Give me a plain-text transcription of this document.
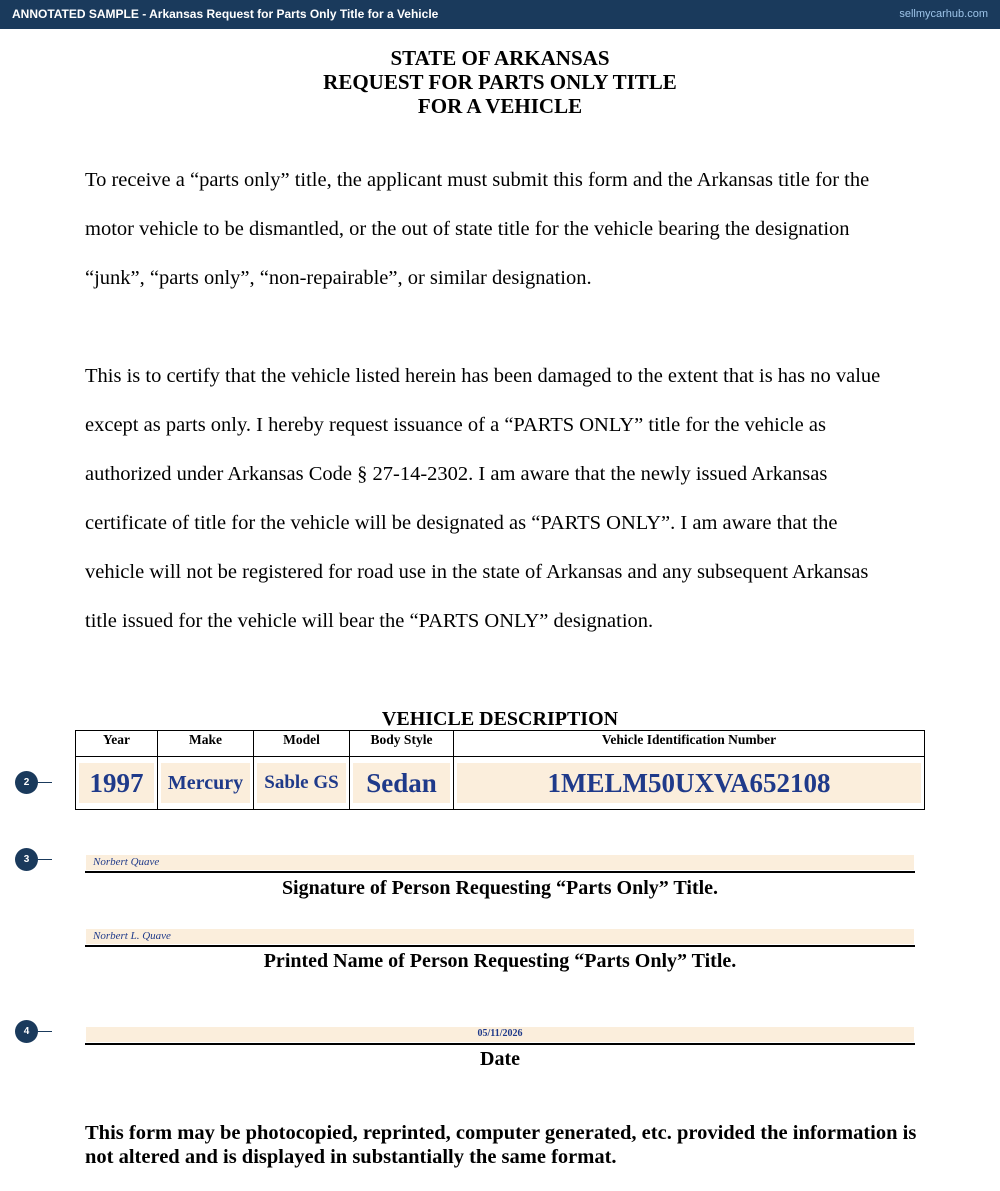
ANNOTATED SAMPLE - Arkansas Request for Parts Only Title for a Vehicle	sellmycarhub.com
STATE OF ARKANSAS
REQUEST FOR PARTS ONLY TITLE
FOR A VEHICLE
To receive a “parts only” title, the applicant must submit this form and the Arkansas title for the
motor vehicle to be dismantled, or the out of state title for the vehicle bearing the designation
“junk”, “parts only”, “non-repairable”, or similar designation.
This is to certify that the vehicle listed herein has been damaged to the extent that is has no value
except as parts only. I hereby request issuance of a “PARTS ONLY” title for the vehicle as
authorized under Arkansas Code § 27-14-2302. I am aware that the newly issued Arkansas
certificate of title for the vehicle will be designated as “PARTS ONLY”. I am aware that the
vehicle will not be registered for road use in the state of Arkansas and any subsequent Arkansas
title issued for the vehicle will bear the “PARTS ONLY” designation.
VEHICLE DESCRIPTION
Year	Make	Model	Body Style	Vehicle Identification Number

1997	Mercury	Sable GS	Sedan	1MELM50UXVA652108
2
3
4
Norbert Quave
Signature of Person Requesting “Parts Only” Title.
Norbert L. Quave
Printed Name of Person Requesting “Parts Only” Title.
05/11/2026
Date
This form may be photocopied, reprinted, computer generated, etc. provided the information is not altered and is displayed in substantially the same format.
